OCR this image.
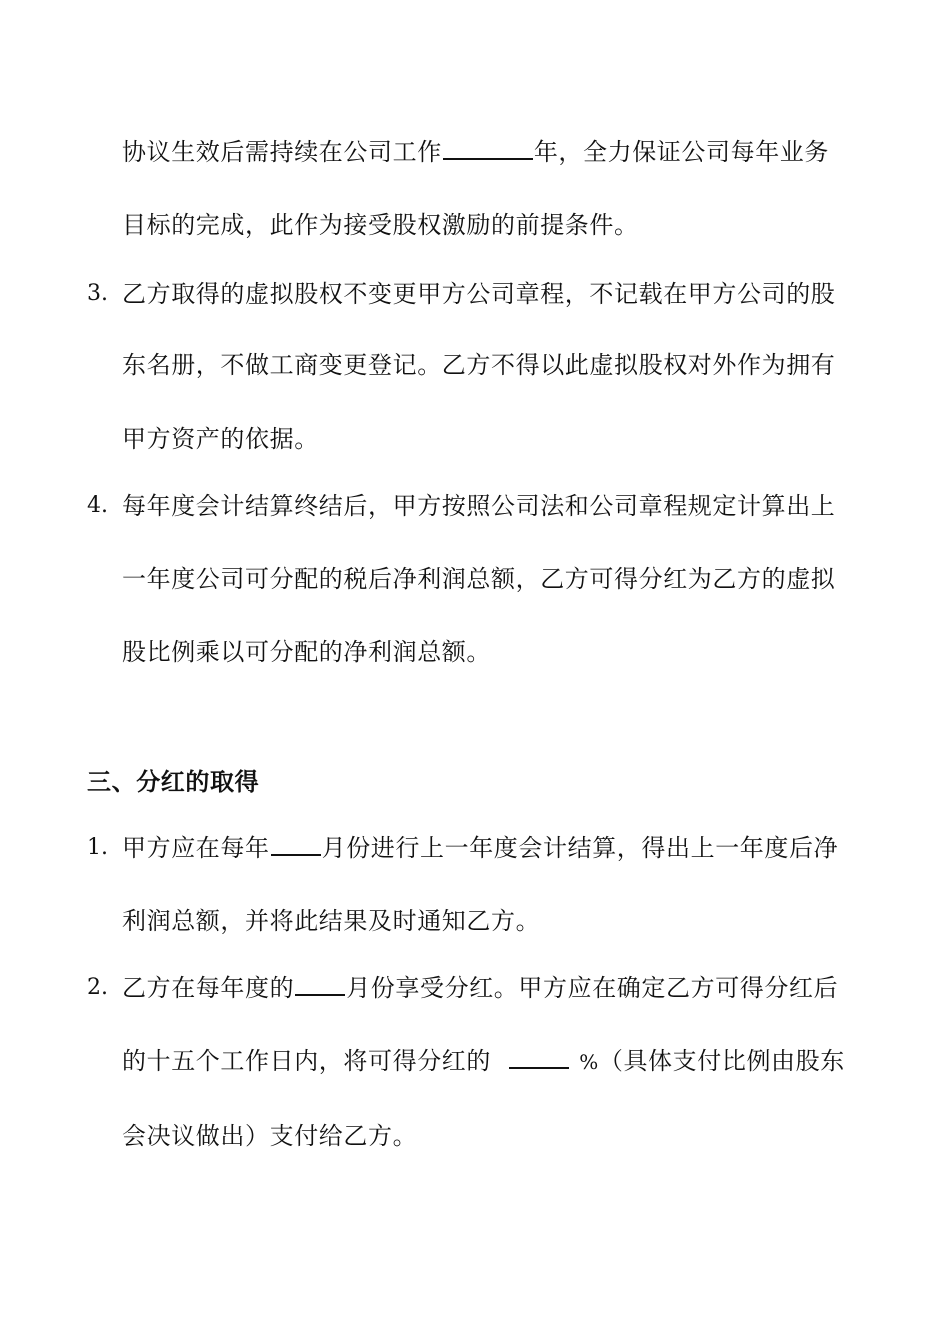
协议生效后需持续在公司工作	年，全力保证公司每年业务
目标的完成，此作为接受股权激励的前提条件。
3. 乙方取得的虚拟股权不变更甲方公司章程，不记载在甲方公司的股
东名册，不做工商变更登记。乙方不得以此虚拟股权对外作为拥有
甲方资产的依据。
4. 每年度会计结算终结后，甲方按照公司法和公司章程规定计算出上
一年度公司可分配的税后净利润总额，乙方可得分红为乙方的虚拟
股比例乘以可分配的净利润总额。
三、分红的取得
1. 甲方应在每年 月份进行上一年度会计结算，得出上一年度后净
利润总额，并将此结果及时通知乙方。
2. 乙方在每年度的 月份享受分红。甲方应在确定乙方可得分红后
的十五个工作日内，将可得分红的	%（具体支付比例由股东
会决议做出）支付给乙方。
